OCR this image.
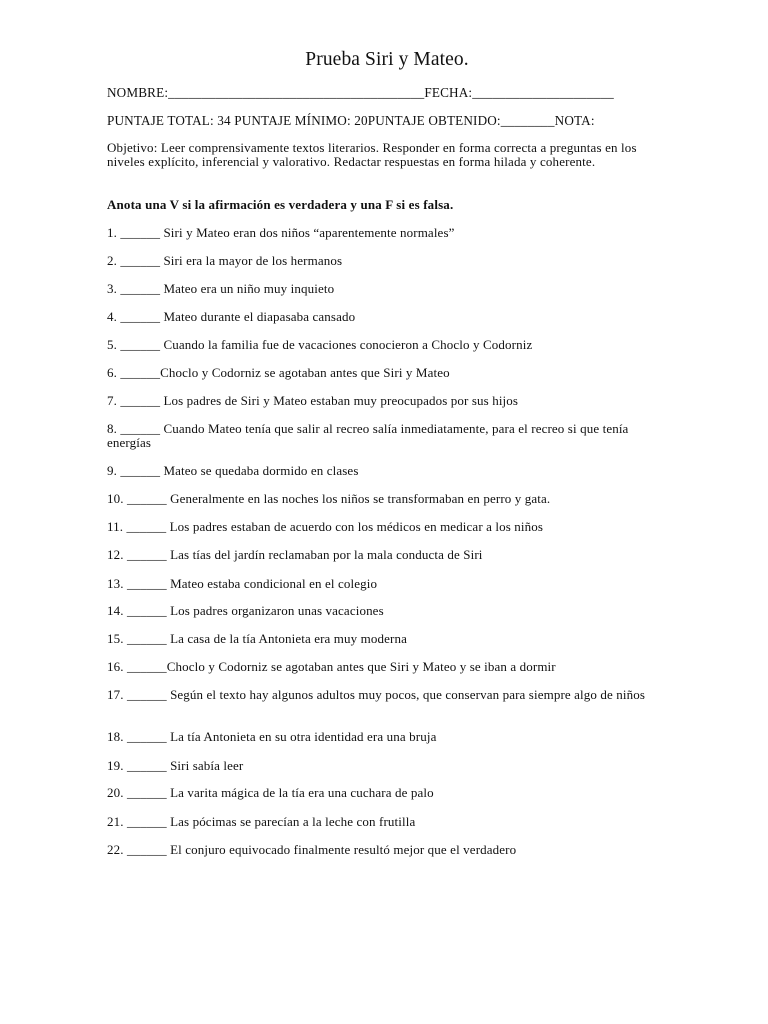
Prueba Siri y Mateo.
NOMBRE:______________________________________FECHA:_____________________
PUNTAJE TOTAL: 34 PUNTAJE MÍNIMO: 20PUNTAJE OBTENIDO:________NOTA:
Objetivo: Leer comprensivamente textos literarios. Responder en forma correcta a preguntas en los niveles explícito, inferencial y valorativo. Redactar respuestas en forma hilada y coherente.
Anota una V si la afirmación es verdadera y una F si es falsa.
1. ______ Siri y Mateo eran dos niños “aparentemente normales”
2. ______ Siri era la mayor de los hermanos
3. ______ Mateo era un niño muy inquieto
4. ______ Mateo durante el diapasaba cansado
5. ______ Cuando la familia fue de vacaciones conocieron a Choclo y Codorniz
6. ______Choclo y Codorniz se agotaban antes que Siri y Mateo
7. ______ Los padres de Siri y Mateo estaban muy preocupados por sus hijos
8. ______ Cuando Mateo tenía que salir al recreo salía inmediatamente, para el recreo si que tenía energías
9. ______ Mateo se quedaba dormido en clases
10. ______ Generalmente en las noches los niños se transformaban en perro y gata.
11. ______ Los padres estaban de acuerdo con los médicos en medicar a los niños
12. ______ Las tías del jardín reclamaban por la mala conducta de Siri
13. ______ Mateo estaba condicional en el colegio
14. ______ Los padres organizaron unas vacaciones
15. ______ La casa de la tía Antonieta era muy moderna
16. ______Choclo y Codorniz se agotaban antes que Siri y Mateo y se iban a dormir
17. ______ Según el texto hay algunos adultos muy pocos, que conservan para siempre algo de niños
18. ______ La tía Antonieta en su otra identidad era una bruja
19. ______ Siri sabía leer
20. ______ La varita mágica de la tía era una cuchara de palo
21. ______ Las pócimas se parecían a la leche con frutilla
22. ______ El conjuro equivocado finalmente resultó mejor que el verdadero
